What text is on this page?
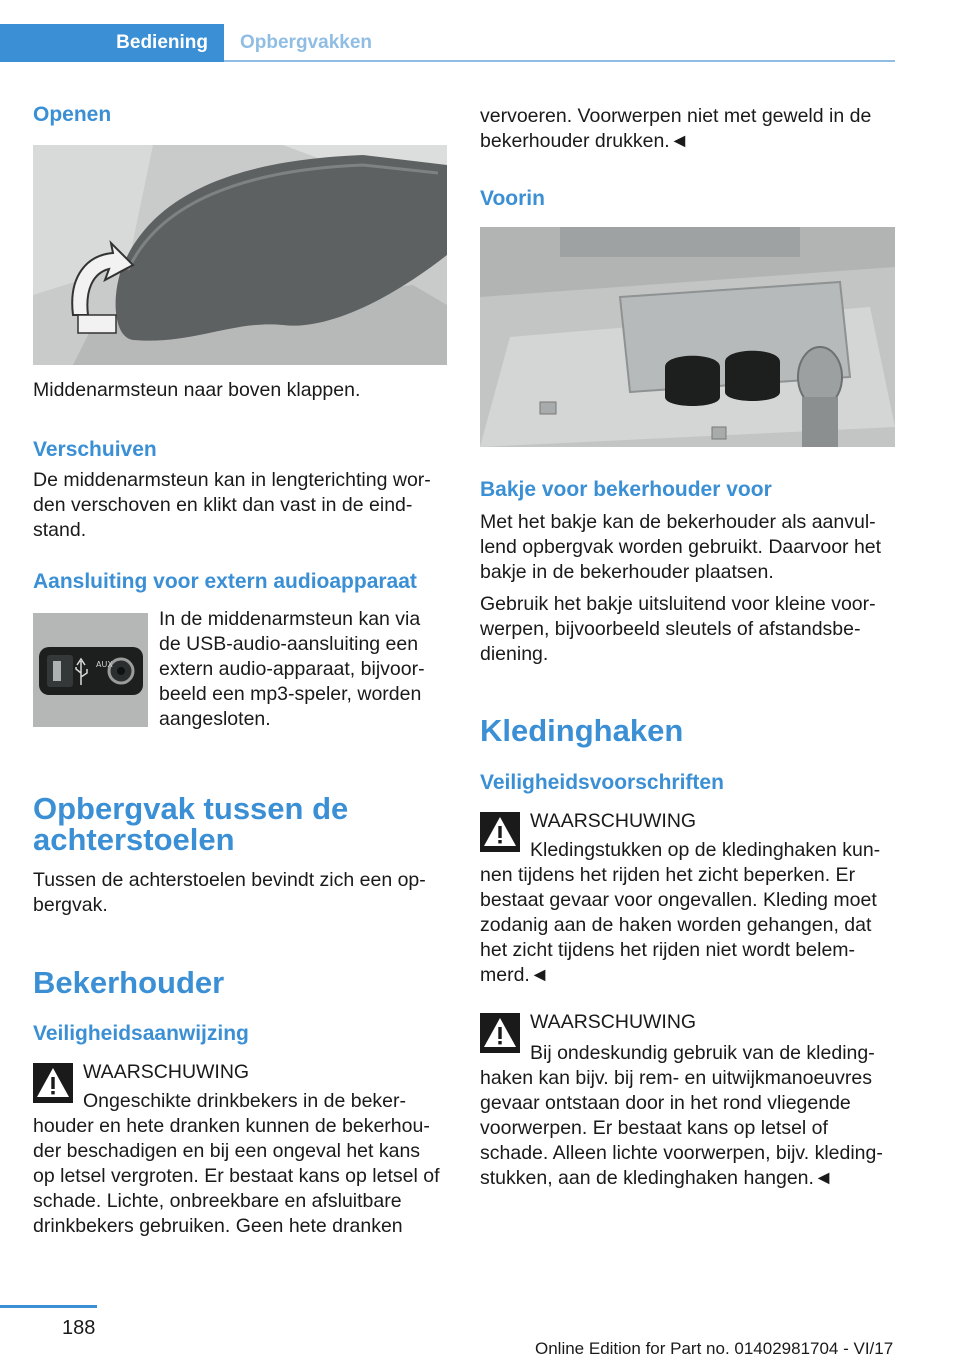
Bediening	Opbergvakken
Openen

Middenarmsteun naar boven klappen.

Verschuiven

De middenarmsteun kan in lengterichting wor-den verschoven en klikt dan vast in de eind-stand.

Aansluiting voor extern audioapparaat
AUX
In de middenarmsteun kan via
de USB-audio-aansluiting een
extern audio-apparaat, bijvoor-
beeld een mp3-speler, worden
aangesloten.
Opbergvak tussen de
achterstoelen

Tussen de achterstoelen bevindt zich een op-bergvak.

Bekerhouder
Veiligheidsaanwijzing
WAARSCHUWING
Ongeschikte drinkbekers in de beker-

houder en hete dranken kunnen de bekerhou-der beschadigen en bij een ongeval het kans op letsel vergroten. Er bestaat kans op letsel of schade. Lichte, onbreekbare en afsluitbare drinkbekers gebruiken. Geen hete dranken

vervoeren. Voorwerpen niet met geweld in de bekerhouder drukken.◄

Voorin
Bakje voor bekerhouder voor

Met het bakje kan de bekerhouder als aanvul-lend opbergvak worden gebruikt. Daarvoor het bakje in de bekerhouder plaatsen.

Gebruik het bakje uitsluitend voor kleine voor-werpen, bijvoorbeeld sleutels of afstandsbe-diening.

Kledinghaken
Veiligheidsvoorschriften
WAARSCHUWING
Kledingstukken op de kledinghaken kun-

nen tijdens het rijden het zicht beperken. Er bestaat gevaar voor ongevallen. Kleding moet zodanig aan de haken worden gehangen, dat het zicht tijdens het rijden niet wordt belem-merd.◄

WAARSCHUWING
Bij ondeskundig gebruik van de kleding-

haken kan bijv. bij rem- en uitwijkmanoeuvres gevaar ontstaan door in het rond vliegende voorwerpen. Er bestaat kans op letsel of schade. Alleen lichte voorwerpen, bijv. kleding-stukken, aan de kledinghaken hangen.◄

188
Online Edition for Part no. 01402981704 - VI/17
